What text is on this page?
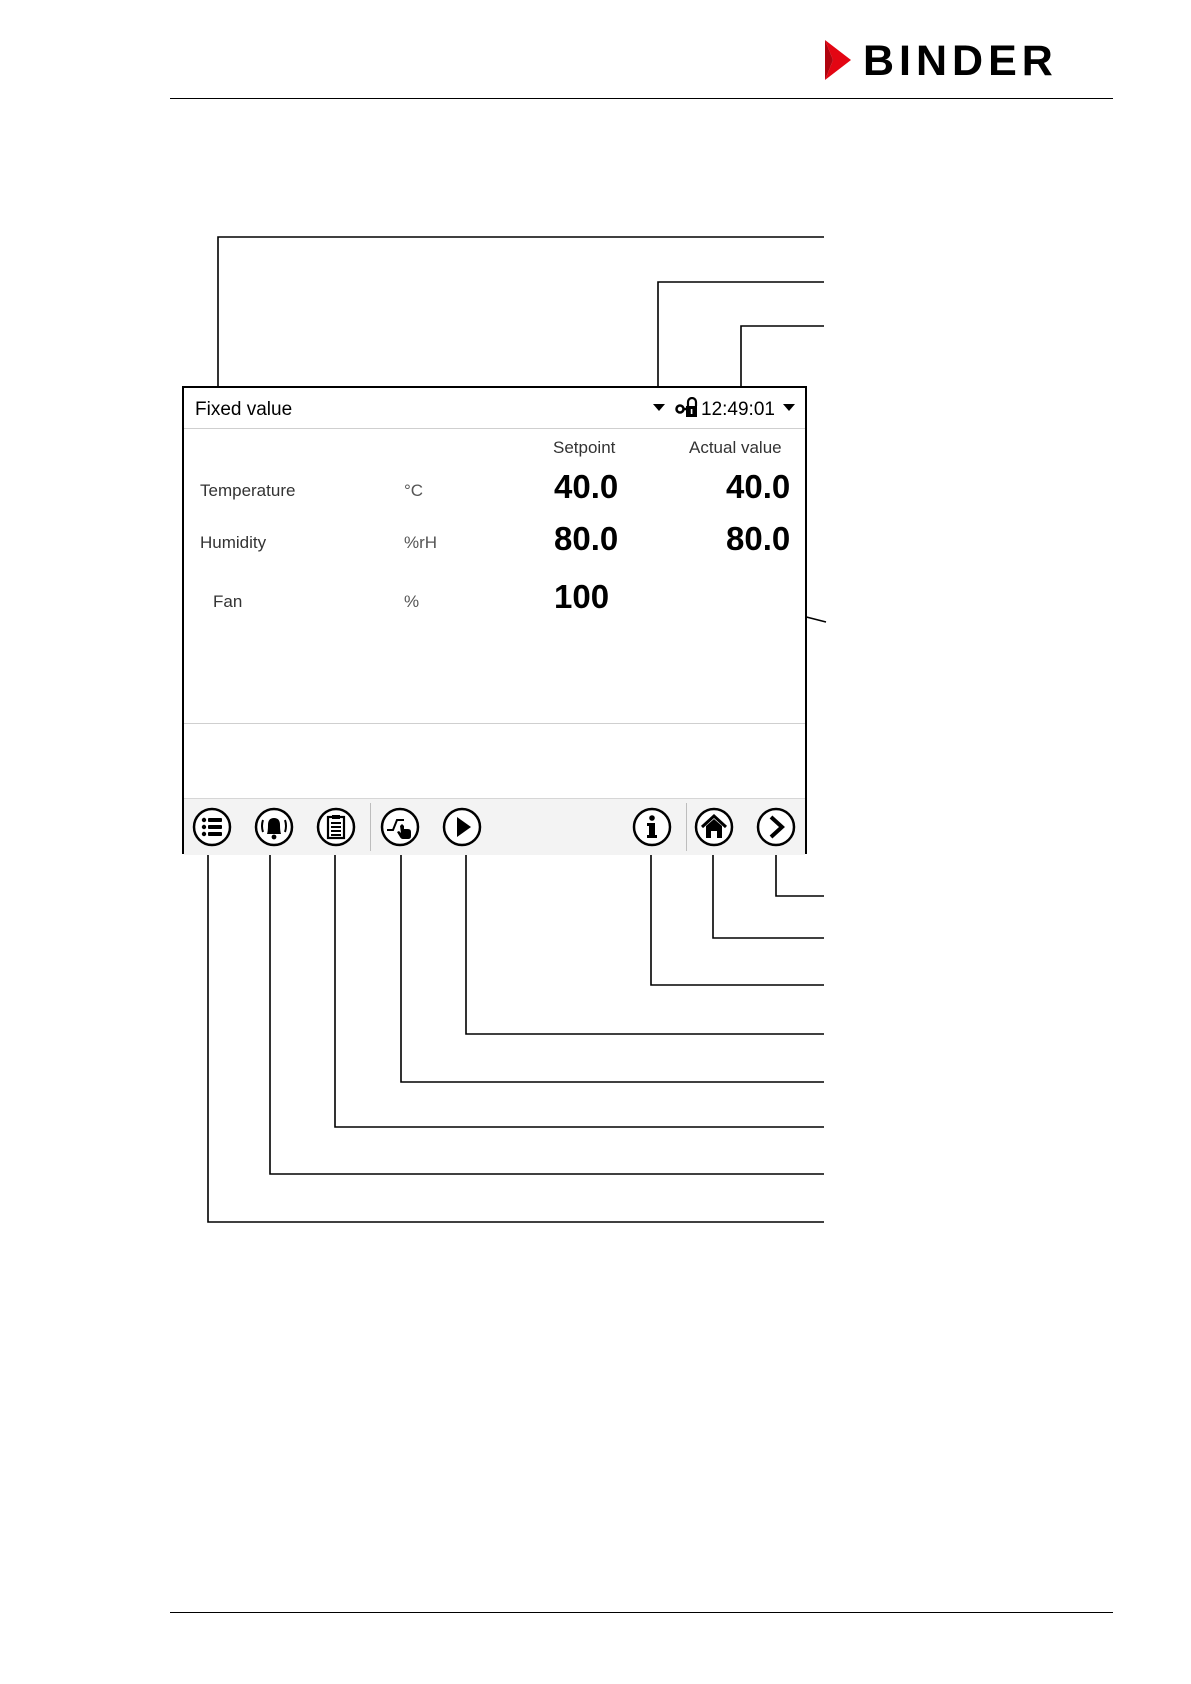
BINDER
Fixed value	12:49:01
Setpoint	Actual value
Temperature	°C	40.0	40.0
Humidity	%rH	80.0	80.0
Fan	%	100
